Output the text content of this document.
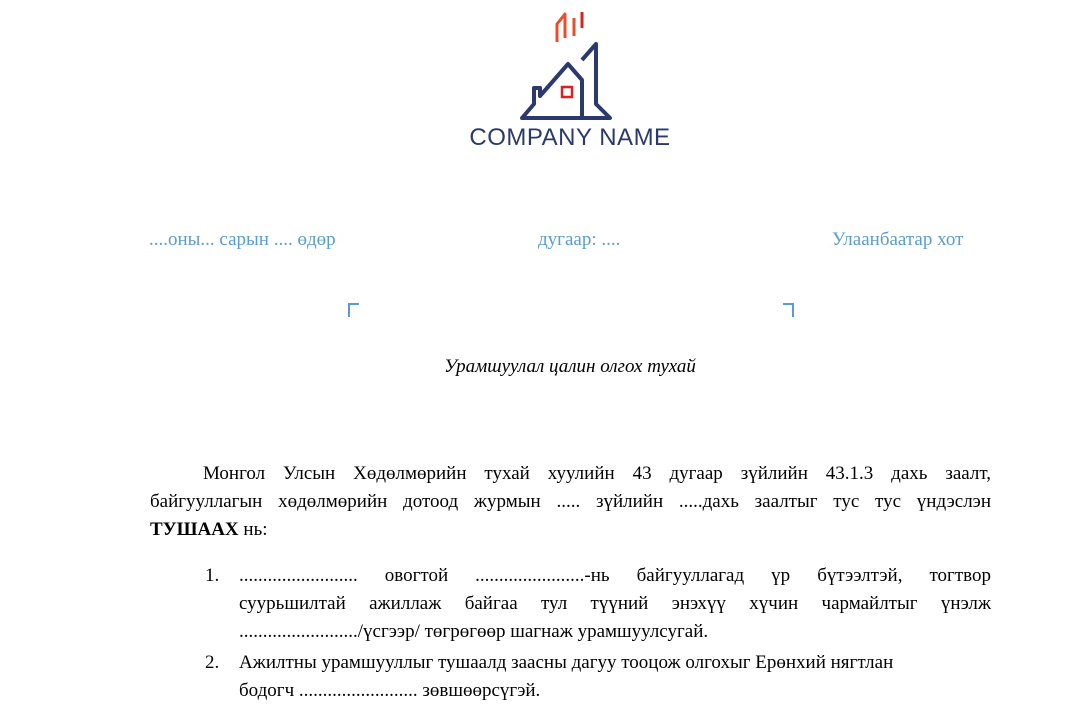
COMPANY NAME
....оны... сарын .... өдөр	дугаар: ....	Улаанбаатар хот
Урамшуулал цалин олгох тухай
Монгол Улсын Хөдөлмөрийн тухай хуулийн 43 дугаар зүйлийн 43.1.3 дахь заалт,
байгууллагын хөдөлмөрийн дотоод журмын ..... зүйлийн .....дахь заалтыг тус тус үндэслэн
ТУШААХ нь:
1. ......................... овогтой .......................-нь байгууллагад үр бүтээлтэй, тогтвор
суурьшилтай ажиллаж байгаа тул түүний энэхүү хүчин чармайлтыг үнэлж
........................./үсгээр/ төгрөгөөр шагнаж урамшуулсугай.
2. Ажилтны урамшууллыг тушаалд заасны дагуу тооцож олгохыг Ерөнхий нягтлан
бодогч ......................... зөвшөөрсүгэй.
